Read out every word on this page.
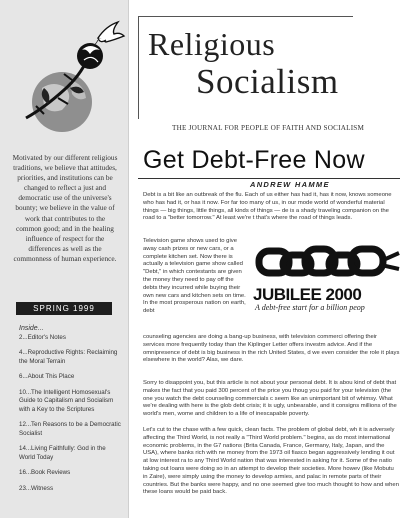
Motivated by our different religious traditions, we believe that attitudes, priorities, and institutions can be changed to reflect a just and democratic use of the universe's bounty; we believe in the value of work that contributes to the common good; and in the healing influence of respect for the differences as well as the commonness of human experience.
SPRING 1999
Inside...
2...Editor's Notes
4...Reproductive Rights: Reclaiming the Moral Terrain
6...About This Place
10...The Intelligent Homosexual's Guide to Capitalism and Socialism with a Key to the Scriptures
12...Ten Reasons to be a Democratic Socialist
14...Living Faithfully: God in the World Today
16...Book Reviews
23...Witness
Religious
Socialism
THE JOURNAL FOR PEOPLE OF FAITH AND SOCIALISM
Get Debt-Free Now
ANDREW HAMME

Debt is a bit like an outbreak of the flu. Each of us either has had it, has it now, knows someone who has had it, or has it now. For far too many of us, in our mode world of wonderful material things — big things, little things, all kinds of things — de is a shady traveling companion on the road to a "better tomorrow." At least we're t that's where the road of things leads.

Television game shows used to give away cash prizes or new cars, or a complete kitchen set. Now there is actually a television game show called "Debt," in which contestants are given the money they need to pay off the debts they incurred while buying their own new cars and kitchen sets on time. In the most prosperous nation on earth, debt

counseling agencies are doing a bang-up business, with television commerci offering their services more frequently today than the Kiplinger Letter offers investm advice. And if the omnipresence of debt is big business in the rich United States, d we even consider the role it plays elsewhere in the world? Alas, we dare.

Sorry to disappoint you, but this article is not about your personal debt. It is abou kind of debt that makes the fact that you paid 300 percent of the price you thoug you paid for your television (the one you watch the debt counseling commercials c seem like an unimportant bit of whimsy. What we're dealing with here is the glob debt crisis; it is ugly, unbearable, and it consigns millions of the world's men, wome and children to a life of inescapable poverty.

Let's cut to the chase with a few quick, clean facts. The problem of global debt, wh it is adversely affecting the Third World, is not really a "Third World problem." begins, as do most international economic problems, in the G7 nations (Brita Canada, France, Germany, Italy, Japan, and the USA), where banks rich with ne money from the 1973 oil fiasco began aggressively lending it out at low interest ra to any Third World nation that was interested in asking for it. Some of the natio taking out loans were doing so in an attempt to develop their societies. More howev (like Mobutu in Zaire), were simply using the money to develop armies, and palac in remote parts of their countries. But the banks were happy, and no one seemed give too much thought to how and when these loans would be paid back.

JUBILEE 2000
A debt-free start for a billion peop
